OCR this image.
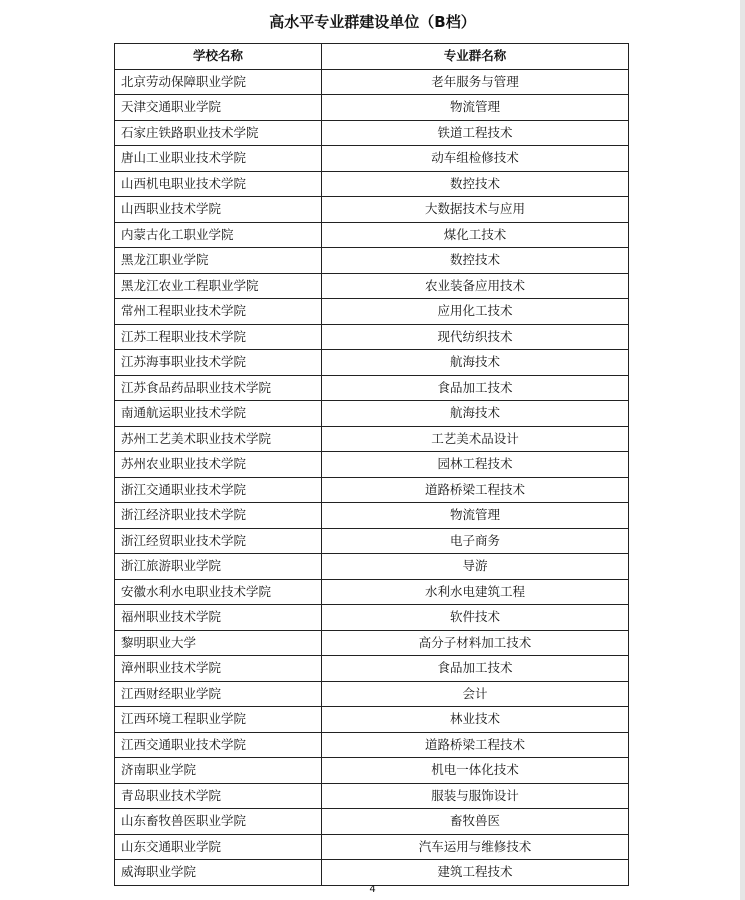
高水平专业群建设单位（B档）
学校名称	专业群名称
北京劳动保障职业学院	老年服务与管理
天津交通职业学院	物流管理
石家庄铁路职业技术学院	铁道工程技术
唐山工业职业技术学院	动车组检修技术
山西机电职业技术学院	数控技术
山西职业技术学院	大数据技术与应用
内蒙古化工职业学院	煤化工技术
黑龙江职业学院	数控技术
黑龙江农业工程职业学院	农业装备应用技术
常州工程职业技术学院	应用化工技术
江苏工程职业技术学院	现代纺织技术
江苏海事职业技术学院	航海技术
江苏食品药品职业技术学院	食品加工技术
南通航运职业技术学院	航海技术
苏州工艺美术职业技术学院	工艺美术品设计
苏州农业职业技术学院	园林工程技术
浙江交通职业技术学院	道路桥梁工程技术
浙江经济职业技术学院	物流管理
浙江经贸职业技术学院	电子商务
浙江旅游职业学院	导游
安徽水利水电职业技术学院	水利水电建筑工程
福州职业技术学院	软件技术
黎明职业大学	高分子材料加工技术
漳州职业技术学院	食品加工技术
江西财经职业学院	会计
江西环境工程职业学院	林业技术
江西交通职业技术学院	道路桥梁工程技术
济南职业学院	机电一体化技术
青岛职业技术学院	服装与服饰设计
山东畜牧兽医职业学院	畜牧兽医
山东交通职业学院	汽车运用与维修技术
威海职业学院	建筑工程技术
4
